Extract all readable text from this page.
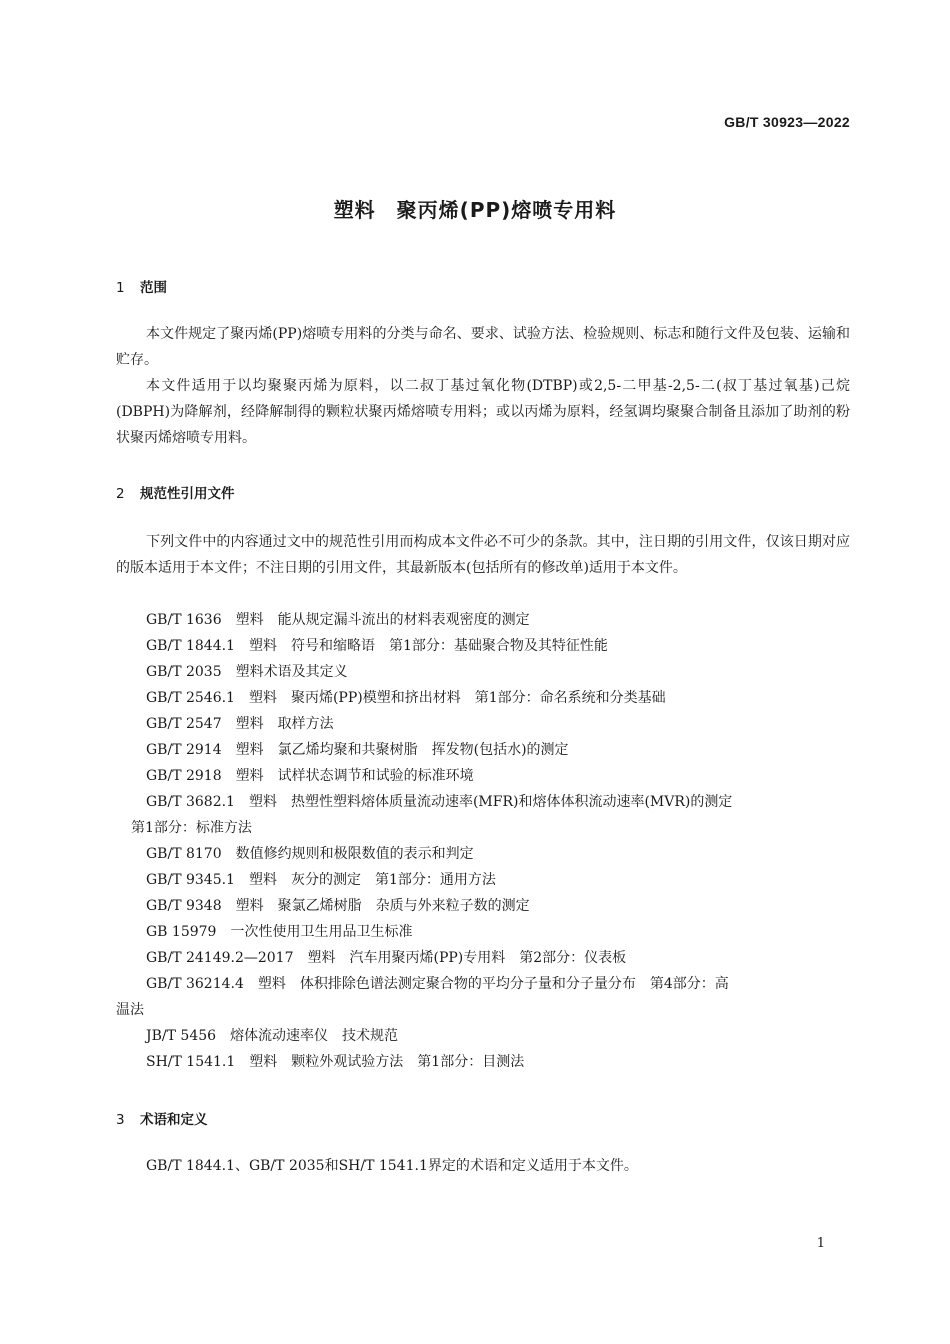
GB/T 30923—2022
塑料　聚丙烯(PP)熔喷专用料
1 范围

本文件规定了聚丙烯(PP)熔喷专用料的分类与命名、要求、试验方法、检验规则、标志和随行文件及包装、运输和贮存。

本文件适用于以均聚聚丙烯为原料，以二叔丁基过氧化物(DTBP)或2,5-二甲基-2,5-二(叔丁基过氧基)己烷(DBPH)为降解剂，经降解制得的颗粒状聚丙烯熔喷专用料；或以丙烯为原料，经氢调均聚聚合制备且添加了助剂的粉状聚丙烯熔喷专用料。

2 规范性引用文件

下列文件中的内容通过文中的规范性引用而构成本文件必不可少的条款。其中，注日期的引用文件，仅该日期对应的版本适用于本文件；不注日期的引用文件，其最新版本(包括所有的修改单)适用于本文件。

GB/T 1636　塑料　能从规定漏斗流出的材料表观密度的测定
GB/T 1844.1　塑料　符号和缩略语　第1部分：基础聚合物及其特征性能
GB/T 2035　塑料术语及其定义
GB/T 2546.1　塑料　聚丙烯(PP)模塑和挤出材料　第1部分：命名系统和分类基础
GB/T 2547　塑料　取样方法
GB/T 2914　塑料　氯乙烯均聚和共聚树脂　挥发物(包括水)的测定
GB/T 2918　塑料　试样状态调节和试验的标准环境
GB/T 3682.1　塑料　热塑性塑料熔体质量流动速率(MFR)和熔体体积流动速率(MVR)的测定
第1部分：标准方法
GB/T 8170　数值修约规则和极限数值的表示和判定
GB/T 9345.1　塑料　灰分的测定　第1部分：通用方法
GB/T 9348　塑料　聚氯乙烯树脂　杂质与外来粒子数的测定
GB 15979　一次性使用卫生用品卫生标准
GB/T 24149.2—2017　塑料　汽车用聚丙烯(PP)专用料　第2部分：仪表板
GB/T 36214.4　塑料　体积排除色谱法测定聚合物的平均分子量和分子量分布　第4部分：高
温法
JB/T 5456　熔体流动速率仪　技术规范
SH/T 1541.1　塑料　颗粒外观试验方法　第1部分：目测法
3 术语和定义

GB/T 1844.1、GB/T 2035和SH/T 1541.1界定的术语和定义适用于本文件。

1
